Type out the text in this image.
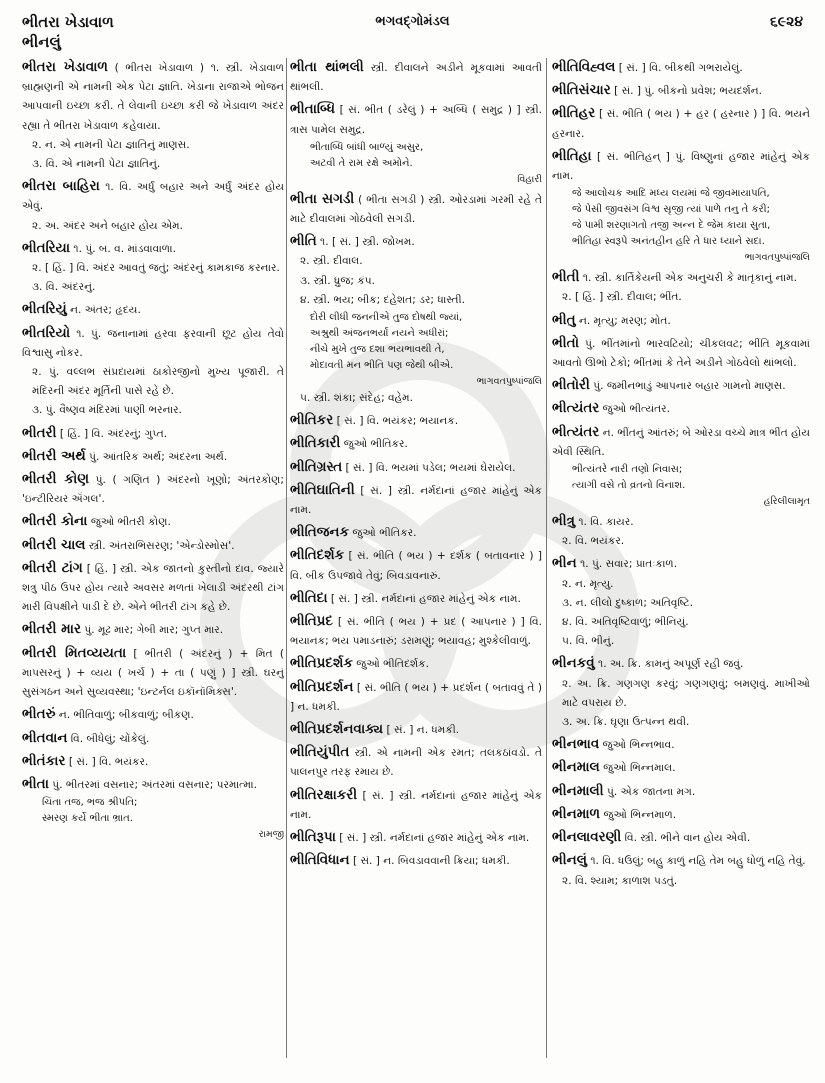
ભીતરા ખેડાવાળ
ભીનલું
ભગવદ્ગોમંડલ	૬૯૨૪
ભીતરા ખેડાવાળ ( ભીતરા ખેડાવાળ ) ૧. સ્ત્રી. ખેડાવાળ બ્રાહ્મણની એ નામની એક પેટા જ્ઞાતિ. ખેડાના રાજાએ ભોજન આપવાની ઇચ્છા કરી. તે લેવાની ઇચ્છા કરી જે ખેડાવાળ અંદર રહ્યા તે ભીતરા ખેડાવાળ કહેવાયા.
૨. ન. એ નામની પેટા જ્ઞાતિનું માણસ.
૩. વિ. એ નામની પેટા જ્ઞાતિનું.
ભીતરા બાહિરા ૧. વિ. અર્ધું બહાર અને અર્ધું અંદર હોય એવું.
૨. અ. અંદર અને બહાર હોય એમ.
ભીતરિયા ૧. પું. બ. વ. માંડવાવાળા.
૨. [ હિં. ] વિ. અંદર આવતું જતું; અંદરનું કામકાજ કરનાર.
૩. વિ. અંદરનું.
ભીતરિયું ન. અંતર; હૃદય.
ભીતરિયો ૧. પું. જનાનામાં હરવા ફરવાની છૂટ હોય તેવો વિશ્વાસુ નોકર.
૨. પું. વલ્લભ સંપ્રદાયમાં ઠાકોરજીનો મુખ્ય પૂજારી. તે મંદિરની અંદર મૂર્તિની પાસે રહે છે.
૩. પું. વૈષ્ણવ મંદિરમાં પાણી ભરનાર.
ભીતરી [ હિં. ] વિ. અંદરનું; ગુપ્ત.
ભીતરી અર્થ પું. આંતરિક અર્થ; અંદરના અર્થ.
ભીતરી કોણ પું. ( ગણિત ) અંદરનો ખૂણો; અંતરકોણ; 'ઇન્ટીરિયર ઍંગલ'.
ભીતરી કોના જુઓ ભીતરી કોણ.
ભીતરી ચાલ સ્ત્રી. અંતરાભિસરણ; 'એન્ડોસ્મોસ'.
ભીતરી ટાંગ [ હિં. ] સ્ત્રી. એક જાતનો કુસ્તીનો દાવ. જ્યારે શત્રુ પીઠ ઉપર હોય ત્યારે અવસર મળતાં ખેલાડી અંદરથી ટાંગ મારી વિપક્ષીને પાડી દે છે. એને ભીતરી ટાંગ કહે છે.
ભીતરી માર પું. મૂઢ માર; ગેબી માર; ગુપ્ત માર.
ભીતરી મિતવ્યયતા [ ભીતરી ( અંદરનું ) + મિત ( માપસરનું ) + વ્યય ( ખર્ચ ) + તા ( પણું ) ] સ્ત્રી. ઘરનું સુસંગઠન અને સુવ્યવસ્થા; 'ઇન્ટર્નલ ઇકૉનૉમિક્સ'.
ભીતરું ન. ભીતિવાળું; બીકવાળું; બીકણ.
ભીતવાન વિ. બીધેલું; ચોંકેલું.
ભીતંકાર [ સં. ] વિ. ભયંકર.
ભીતા પું. ભીતરમાં વસનાર; અંતરમાં વસનાર; પરમાત્મા.
ચિંતા તજ, ભજ શ્રીપતિ;
સ્મરણ કર્યે ભીતા ભ્રાત.
રામજી
ભીતા થાંભલી સ્ત્રી. દીવાલને અડીને મૂકવામાં આવતી થાંભલી.
ભીતાબ્ધિ [ સં. ભીત ( ડરેલું ) + અબ્ધિ ( સમુદ્ર ) ] સ્ત્રી. ત્રાસ પામેલ સમુદ્ર.
ભીતાબ્ધિ બાંધી બાળ્યું અસુર,
અટવી તે રામ રક્ષે અમોને.
વિહારી
ભીતા સગડી ( ભીતા સગડી ) સ્ત્રી. ઓરડામાં ગરમી રહે તે માટે દીવાલમાં ગોઠવેલી સગડી.
ભીતિ ૧. [ સં. ] સ્ત્રી. જોખમ.
૨. સ્ત્રી. દીવાલ.
૩. સ્ત્રી. ધ્રુજ; કંપ.
૪. સ્ત્રી. ભય; બીક; દહેશત; ડર; ધાસ્તી.
દોરી લીધી જનનીએ તુજ દોષથી જ્યાં,
અશ્રુથી અંજનભર્યાં નયને અધીરાં;
નીચે મુખે તુજ દશા ભયભાવથી તે,
મોદાવતી મન ભીતિ પણ જેથી બીએ.
ભાગવતપુષ્પાંજલિ
૫. સ્ત્રી. શંકા; સંદેહ; વહેમ.
ભીતિકર [ સં. ] વિ. ભયંકર; ભયાનક.
ભીતિકારી જુઓ ભીતિકર.
ભીતિગ્રસ્ત [ સં. ] વિ. ભયમાં પડેલ; ભયમાં ઘેરાયેલ.
ભીતિઘાતિની [ સં. ] સ્ત્રી. નર્મદાનાં હજાર માંહેનું એક નામ.
ભીતિજનક જુઓ ભીતિકર.
ભીતિદર્શક [ સં. ભીતિ ( ભય ) + દર્શક ( બતાવનાર ) ] વિ. બીક ઉપજાવે તેવું; બિવડાવનારું.
ભીતિદા [ સં. ] સ્ત્રી. નર્મદાનાં હજાર માંહેનું એક નામ.
ભીતિપ્રદ [ સં. ભીતિ ( ભય ) + પ્રદ ( આપનાર ) ] વિ. ભયાનક; ભય પમાડનારું; ડરામણું; ભયાવહ; મુશ્કેલીવાળું.
ભીતિપ્રદર્શક જુઓ ભીતિદર્શક.
ભીતિપ્રદર્શન [ સં. ભીતિ ( ભય ) + પ્રદર્શન ( બતાવવું તે ) ] ન. ધમકી.
ભીતિપ્રદર્શનવાક્ય [ સં. ] ન. ધમકી.
ભીતિયુંપીત સ્ત્રી. એ નામની એક રમત; તલકઠાંવડો. તે પાલનપુર તરફ રમાય છે.
ભીતિરક્ષાકરી [ સં. ] સ્ત્રી. નર્મદાનાં હજાર માંહેનું એક નામ.
ભીતિરૂપા [ સં. ] સ્ત્રી. નર્મદાનાં હજાર માંહેનું એક નામ.
ભીતિવિધાન [ સં. ] ન. બિવડાવવાની ક્રિયા; ધમકી.
ભીતિવિહ્વલ [ સં. ] વિ. બીકથી ગભરાયેલું.
ભીતિસંચાર [ સં. ] પું. બીકનો પ્રવેશ; ભયદર્શન.
ભીતિહર [ સં. ભીતિ ( ભય ) + હર ( હરનાર ) ] વિ. ભયને હરનાર.
ભીતિહા [ સં. ભીતિહન્ ] પું. વિષ્ણુનાં હજાર માંહેનું એક નામ.
જે આલોચક આદિ મધ્ય લયમાં જે જીવમાયાપતિ,
જે પેસી જીવસંગ વિશ્વ સૃજી ત્યાં પાળે તનુ તે કરી;
જે પામી શરણાગતો તજી અન્ન દે જેમ કાયા સુતા,
ભીતિહા સ્વરૂપે અનંતહીન હરિ તે ધાર ધ્યાને સદા.
ભાગવતપુષ્પાંજલિ
ભીતી ૧. સ્ત્રી. કાર્તિકેયની એક અનુચરી કે માતૃકાનું નામ.
૨. [ હિં. ] સ્ત્રી. દીવાલ; ભીંત.
ભીતુ ન. મૃત્યુ; મરણ; મોત.
ભીતો પું. ભીંતમાંનો ભારવટિયો; ચીકલવટ; ભીંતિ મૂકવામાં આવતો ઊભો ટેકો; ભીંતમાં કે તેને અડીને ગોઠવેલો થાંભલો.
ભીતોરી પું. જમીનભાડું આપનાર બહાર ગામનો માણસ.
ભીત્યંતર જુઓ ભીત્યંતર.
ભીત્યંતર ન. ભીંતનું આંતરું; બે ઓરડા વચ્ચે માત્ર ભીંત હોય એવી સ્થિતિ.
ભીત્યંતરે નારી તણો નિવાસ;
ત્યાગી વસે તો વ્રતનો વિનાશ.
હરિલીલામૃત
ભીત્રુ ૧. વિ. કાયર.
૨. વિ. ભયંકર.
ભીન ૧. પું. સવાર; પ્રાતઃકાળ.
૨. ન. મૃત્યુ.
૩. ન. લીલો દુષ્કાળ; અતિવૃષ્ટિ.
૪. વિ. અતિવૃષ્ટિવાળું; ભીનિયું.
૫. વિ. ભીનું.
ભીનકવું ૧. અ. ક્રિ. કામનું અપૂર્ણ રહી જવું.
૨. અ. ક્રિ. ગણગણ કરવું; ગણગણવું; બમણવું. માખીઓ માટે વપરાય છે.
૩. અ. ક્રિ. ઘૃણા ઉત્પન્ન થવી.
ભીનભાવ જુઓ ભિન્નભાવ.
ભીનમાલ જુઓ ભિન્નમાલ.
ભીનમાલી પું. એક જાતના મગ.
ભીનમાળ જુઓ ભિન્નમાળ.
ભીનલાવરણી વિ. સ્ત્રી. ભીને વાન હોય એવી.
ભીનલું ૧. વિ. ધઉલું; બહુ કાળું નહિ તેમ બહુ ધોળું નહિ તેવું.
૨. વિ. શ્યામ; કાળાશ પડતું.
